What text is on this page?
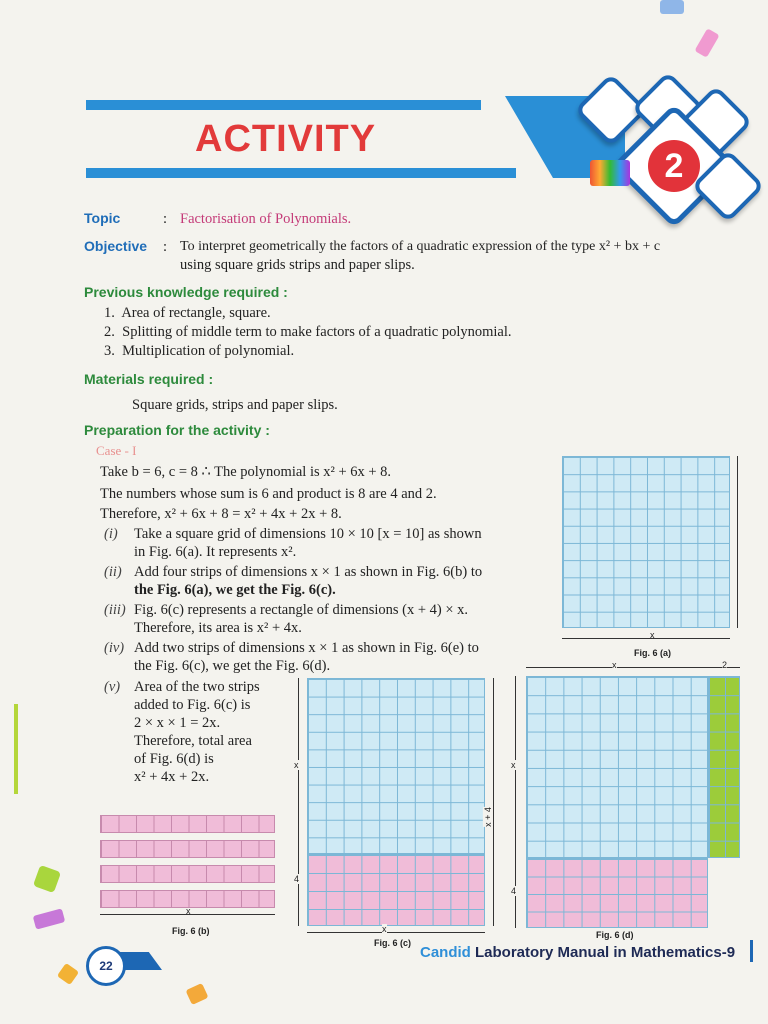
ACTIVITY
2
Topic	: Factorisation of Polynomials.
Objective : To interpret geometrically the factors of a quadratic expression of the type x² + bx + c
using square grids strips and paper slips.
Previous knowledge required :
1.  Area of rectangle, square.
2.  Splitting of middle term to make factors of a quadratic polynomial.
3.  Multiplication of polynomial.
Materials required :
Square grids, strips and paper slips.
Preparation for the activity :
Case - I
Take b = 6, c = 8 ∴ The polynomial is x² + 6x + 8.
The numbers whose sum is 6 and product is 8 are 4 and 2.
Therefore, x² + 6x + 8 = x² + 4x + 2x + 8.
(i) Take a square grid of dimensions 10 × 10 [x = 10] as shown
in Fig. 6(a). It represents x².
(ii) Add four strips of dimensions x × 1 as shown in Fig. 6(b) to
the Fig. 6(a), we get the Fig. 6(c).
(iii) Fig. 6(c) represents a rectangle of dimensions (x + 4) × x.
Therefore, its area is x² + 4x.
(iv) Add two strips of dimensions x × 1 as shown in Fig. 6(e) to
the Fig. 6(c), we get the Fig. 6(d).
(v) Area of the two strips
added to Fig. 6(c) is
2 × x × 1 = 2x.
Therefore, total area
of Fig. 6(d) is
x² + 4x + 2x.
x
Fig. 6 (a)
x
Fig. 6 (b)
x
4
x + 4
x
Fig. 6 (c)
x	2
x
4
Fig. 6 (d)
22
Candid Laboratory Manual in Mathematics-9
